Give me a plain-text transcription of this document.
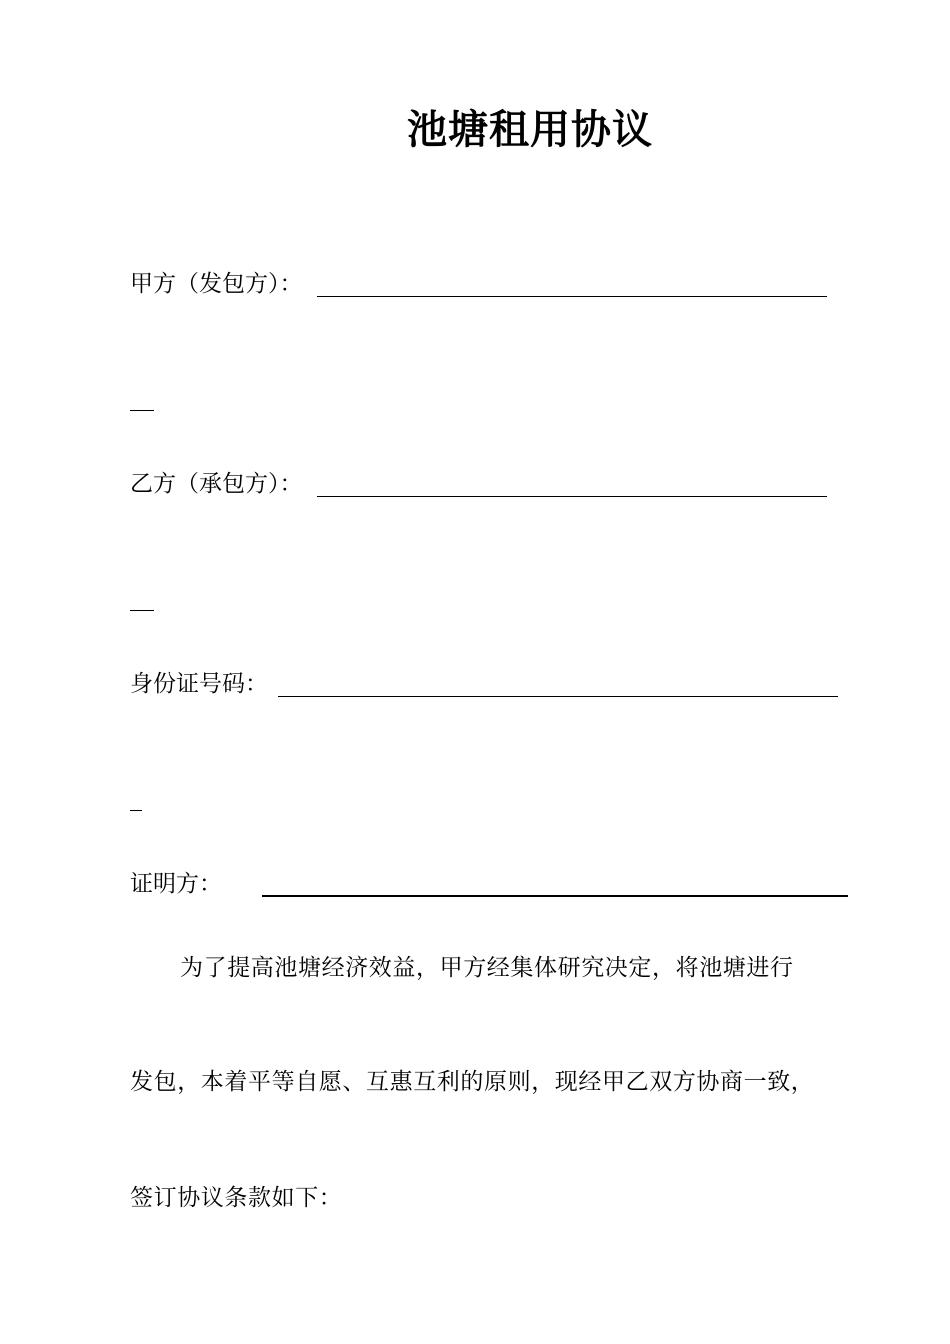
池塘租用协议
甲方（发包方）：
乙方（承包方）：
身份证号码：
证明方：
为了提高池塘经济效益，甲方经集体研究决定，将池塘进行
发包，本着平等自愿、互惠互利的原则，现经甲乙双方协商一致，
签订协议条款如下：
